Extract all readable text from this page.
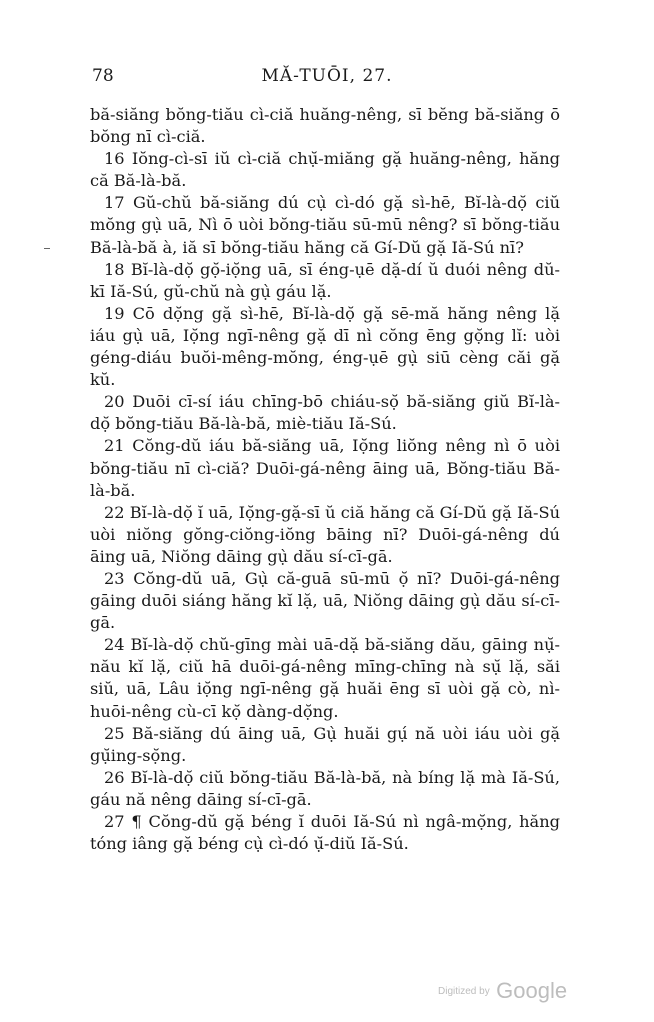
78	MĂ-TUŌI, 27.

bă-siăng bŏng-tiău cì-ciă huăng-nêng, sī bĕng bă-siăng ō bŏng nī cì-ciă.

16 Iŏng-cì-sī iŭ cì-ciă chụ̆-miăng gặ huăng-nêng, hăng că Bă-là-bă.

17 Gŭ-chŭ bă-siăng dú cụ̀ cì-dó gặ sì-hē, Bĭ-là-dọ̆ ciŭ mŏng gụ̀ uā, Nì ō uòi bŏng-tiău sū-mū nêng? sī bŏng-tiău Bă-là-bă à, iă sī bŏng-tiău hăng că Gí-Dŭ gặ Iă-Sú nī?

18 Bĭ-là-dọ̆ gọ̆-iọ̆ng uā, sī éng-ụē dặ-dí ŭ duói nêng dŭ-kī Iă-Sú, gŭ-chŭ nà gụ̀ gáu lặ.

19 Cō dọ̆ng gặ sì-hē, Bĭ-là-dọ̆ gặ sē-mă hăng nêng lặ iáu gụ̀ uā, Iọ̆ng ngī-nêng gặ dī nì cŏng ēng gọ̆ng lĭ: uòi géng-diáu buŏi-mêng-mŏng, éng-ụē gụ̀ siū cèng căi gặ kŭ.

20 Duōi cī-sí iáu chīng-bō chiáu-sọ̆ bă-siăng giŭ Bĭ-là-dọ̆ bŏng-tiău Bă-là-bă, miè-tiău Iă-Sú.

21 Cŏng-dŭ iáu bă-siăng uā, Iọ̆ng liŏng nêng nì ō uòi bŏng-tiău nī cì-ciă? Duōi-gá-nêng āing uā, Bŏng-tiău Bă-là-bă.

22 Bĭ-là-dọ̆ ĭ uā, Iọ̆ng-gặ-sī ŭ ciă hăng că Gí-Dŭ gặ Iă-Sú uòi niŏng gŏng-ciŏng-iŏng bāing nī? Duōi-gá-nêng dú āing uā, Niŏng dāing gụ̀ dău sí-cī-gā.

23 Cŏng-dŭ uā, Gụ̀ că-guā sū-mū ọ̆ nī? Duōi-gá-nêng gāing duōi siáng hăng kĭ lặ, uā, Niŏng dāing gụ̀ dău sí-cī-gā.

24 Bĭ-là-dọ̆ chŭ-gīng mài uā-dặ bă-siăng dău, gāing nụ̆-nău kĭ lặ, ciŭ hā duōi-gá-nêng mīng-chīng nà sụ̆ lặ, săi siŭ, uā, Lâu iọ̆ng ngī-nêng gặ huăi ēng sī uòi gặ cò, nì-huōi-nêng cù-cī kọ̆ dàng-dọ̆ng.

25 Bă-siăng dú āing uā, Gụ̀ huăi gụ́ nă uòi iáu uòi gặ gụ̆ing-sọ̆ng.

26 Bĭ-là-dọ̆ ciŭ bŏng-tiău Bă-là-bă, nà bíng lặ mà Iă-Sú, gáu nă nêng dāing sí-cī-gā.

27 ¶ Cŏng-dŭ gặ béng ĭ duōi Iă-Sú nì ngâ-mọ̆ng, hăng tóng iâng gặ béng cụ̀ cì-dó ụ̆-diŭ Iă-Sú.

$^{Digitized by}$ Google
